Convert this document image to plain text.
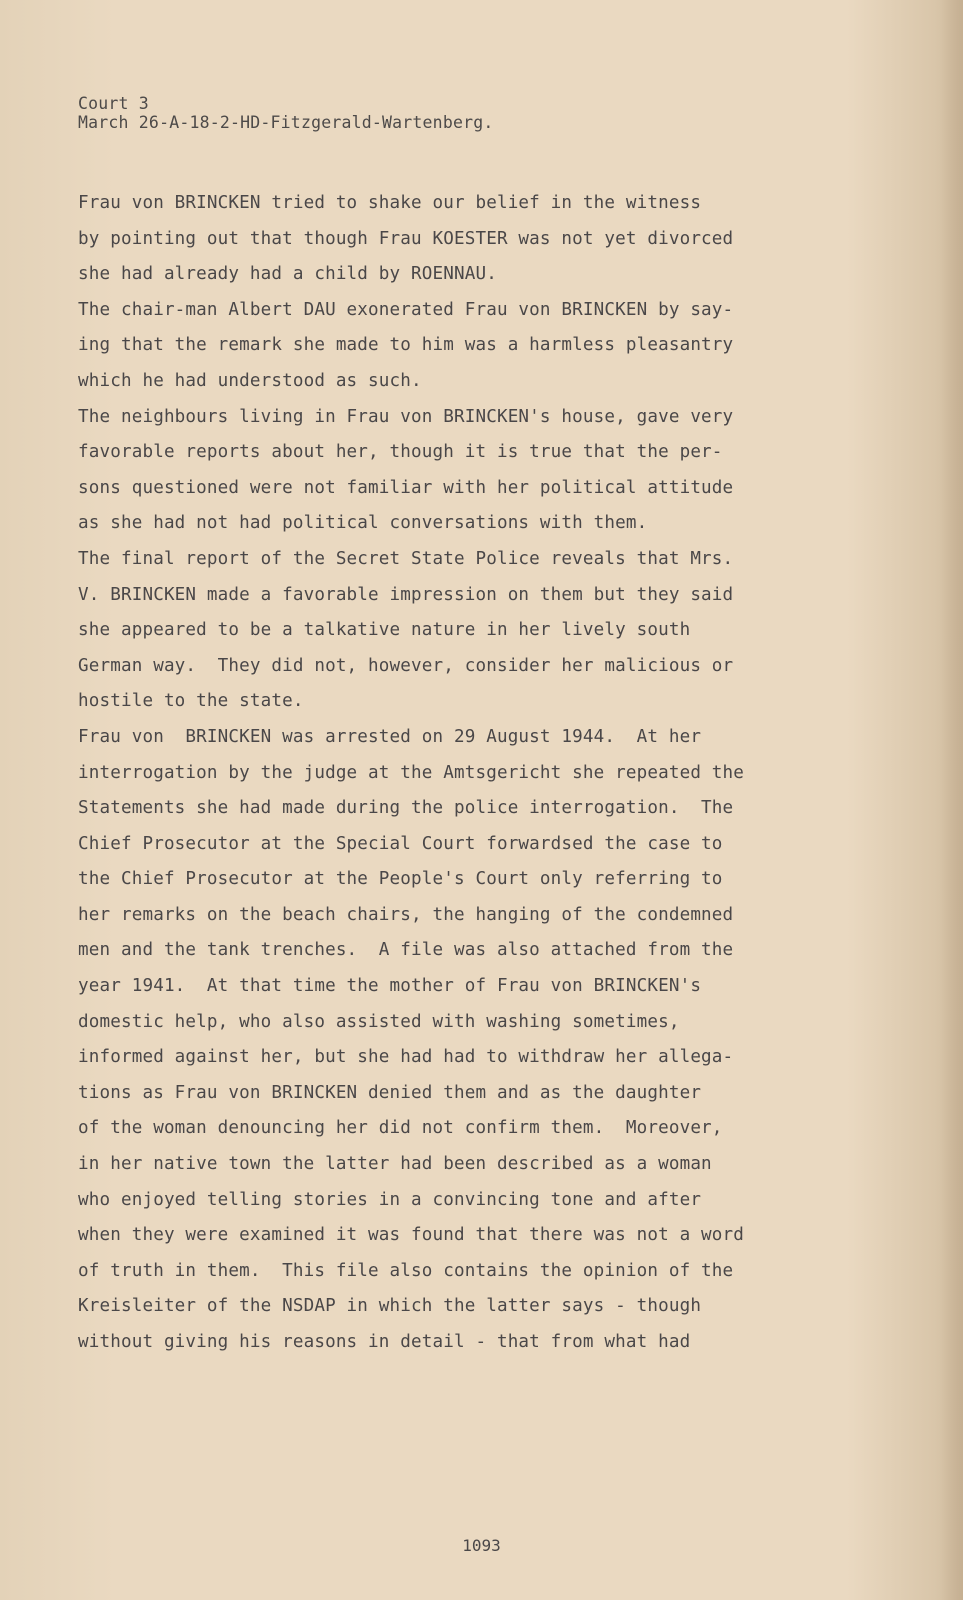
Court 3
March 26-A-18-2-HD-Fitzgerald-Wartenberg.
Frau von BRINCKEN tried to shake our belief in the witness
by pointing out that though Frau KOESTER was not yet divorced
she had already had a child by ROENNAU.
The chair-man Albert DAU exonerated Frau von BRINCKEN by say-
ing that the remark she made to him was a harmless pleasantry
which he had understood as such.
The neighbours living in Frau von BRINCKEN's house, gave very
favorable reports about her, though it is true that the per-
sons questioned were not familiar with her political attitude
as she had not had political conversations with them.
The final report of the Secret State Police reveals that Mrs.
V. BRINCKEN made a favorable impression on them but they said
she appeared to be a talkative nature in her lively south
German way.  They did not, however, consider her malicious or
hostile to the state.
Frau von  BRINCKEN was arrested on 29 August 1944.  At her
interrogation by the judge at the Amtsgericht she repeated the
Statements she had made during the police interrogation.  The
Chief Prosecutor at the Special Court forwardsed the case to
the Chief Prosecutor at the People's Court only referring to
her remarks on the beach chairs, the hanging of the condemned
men and the tank trenches.  A file was also attached from the
year 1941.  At that time the mother of Frau von BRINCKEN's
domestic help, who also assisted with washing sometimes,
informed against her, but she had had to withdraw her allega-
tions as Frau von BRINCKEN denied them and as the daughter
of the woman denouncing her did not confirm them.  Moreover,
in her native town the latter had been described as a woman
who enjoyed telling stories in a convincing tone and after
when they were examined it was found that there was not a word
of truth in them.  This file also contains the opinion of the
Kreisleiter of the NSDAP in which the latter says - though
without giving his reasons in detail - that from what had
1093
